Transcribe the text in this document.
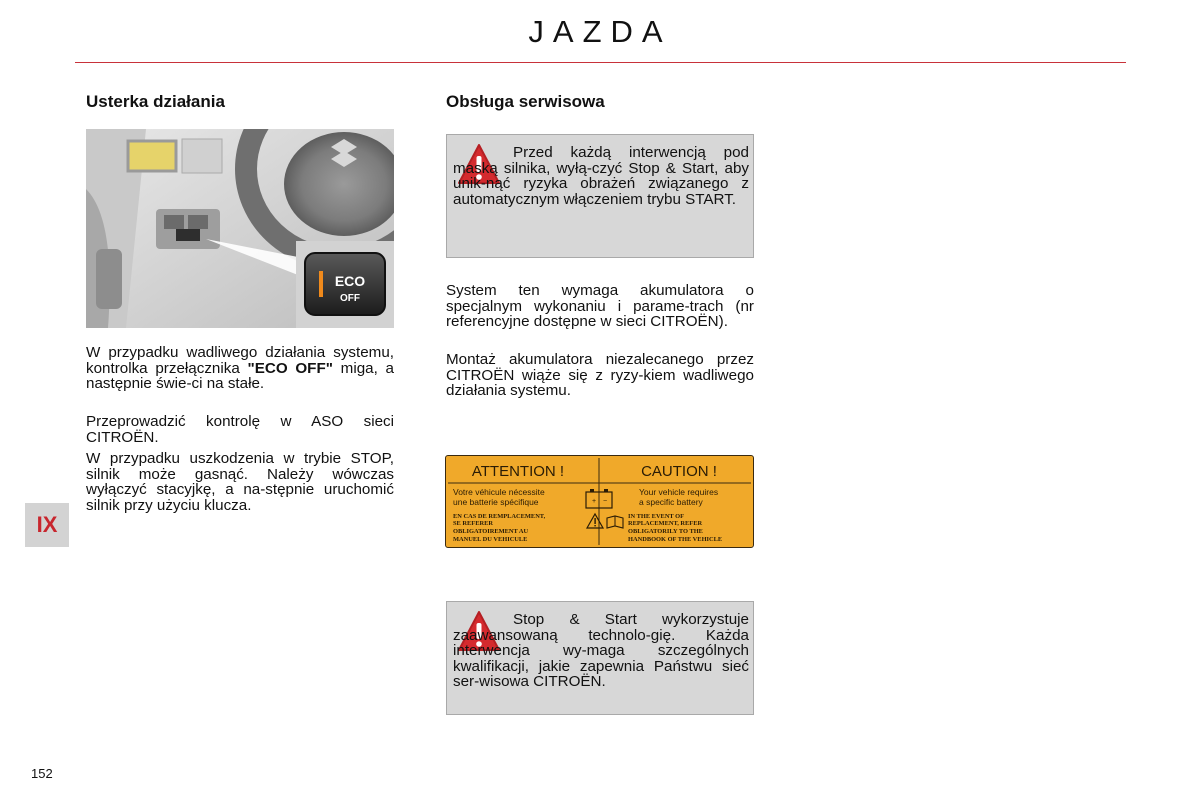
JAZDA
Usterka działania
ECO
OFF

W przypadku wadliwego działania systemu, kontrolka przełącznika "ECO OFF" miga, a następnie świe-ci na stałe.

Przeprowadzić kontrolę w ASO sieci CITROËN.

W przypadku uszkodzenia w trybie STOP, silnik może gasnąć. Należy wówczas wyłączyć stacyjkę, a na-stępnie uruchomić silnik przy użyciu klucza.

Obsługa serwisowa
Przed każdą interwencją pod maską silnika, wyłą-czyć Stop & Start, aby unik-nąć ryzyka obrażeń związanego z automatycznym włączeniem trybu START.

System ten wymaga akumulatora o specjalnym wykonaniu i parame-trach (nr referencyjne dostępne w sieci CITROËN).

Montaż akumulatora niezalecanego przez CITROËN wiąże się z ryzy-kiem wadliwego działania systemu.

ATTENTION !	CAUTION !
Votre véhicule nécessite
une batterie spécifique
Your vehicle requires
a specific battery
+ −
EN CAS DE REMPLACEMENT,
SE REFERER
OBLIGATOIREMENT AU
MANUEL DU VEHICULE
IN THE EVENT OF
REPLACEMENT, REFER
OBLIGATORILY TO THE
HANDBOOK OF THE VEHICLE
Stop & Start wykorzystuje zaawansowaną technolo-gię. Każda interwencja wy-maga szczególnych kwalifikacji, jakie zapewnia Państwu sieć ser-wisowa CITROËN.
IX
152
